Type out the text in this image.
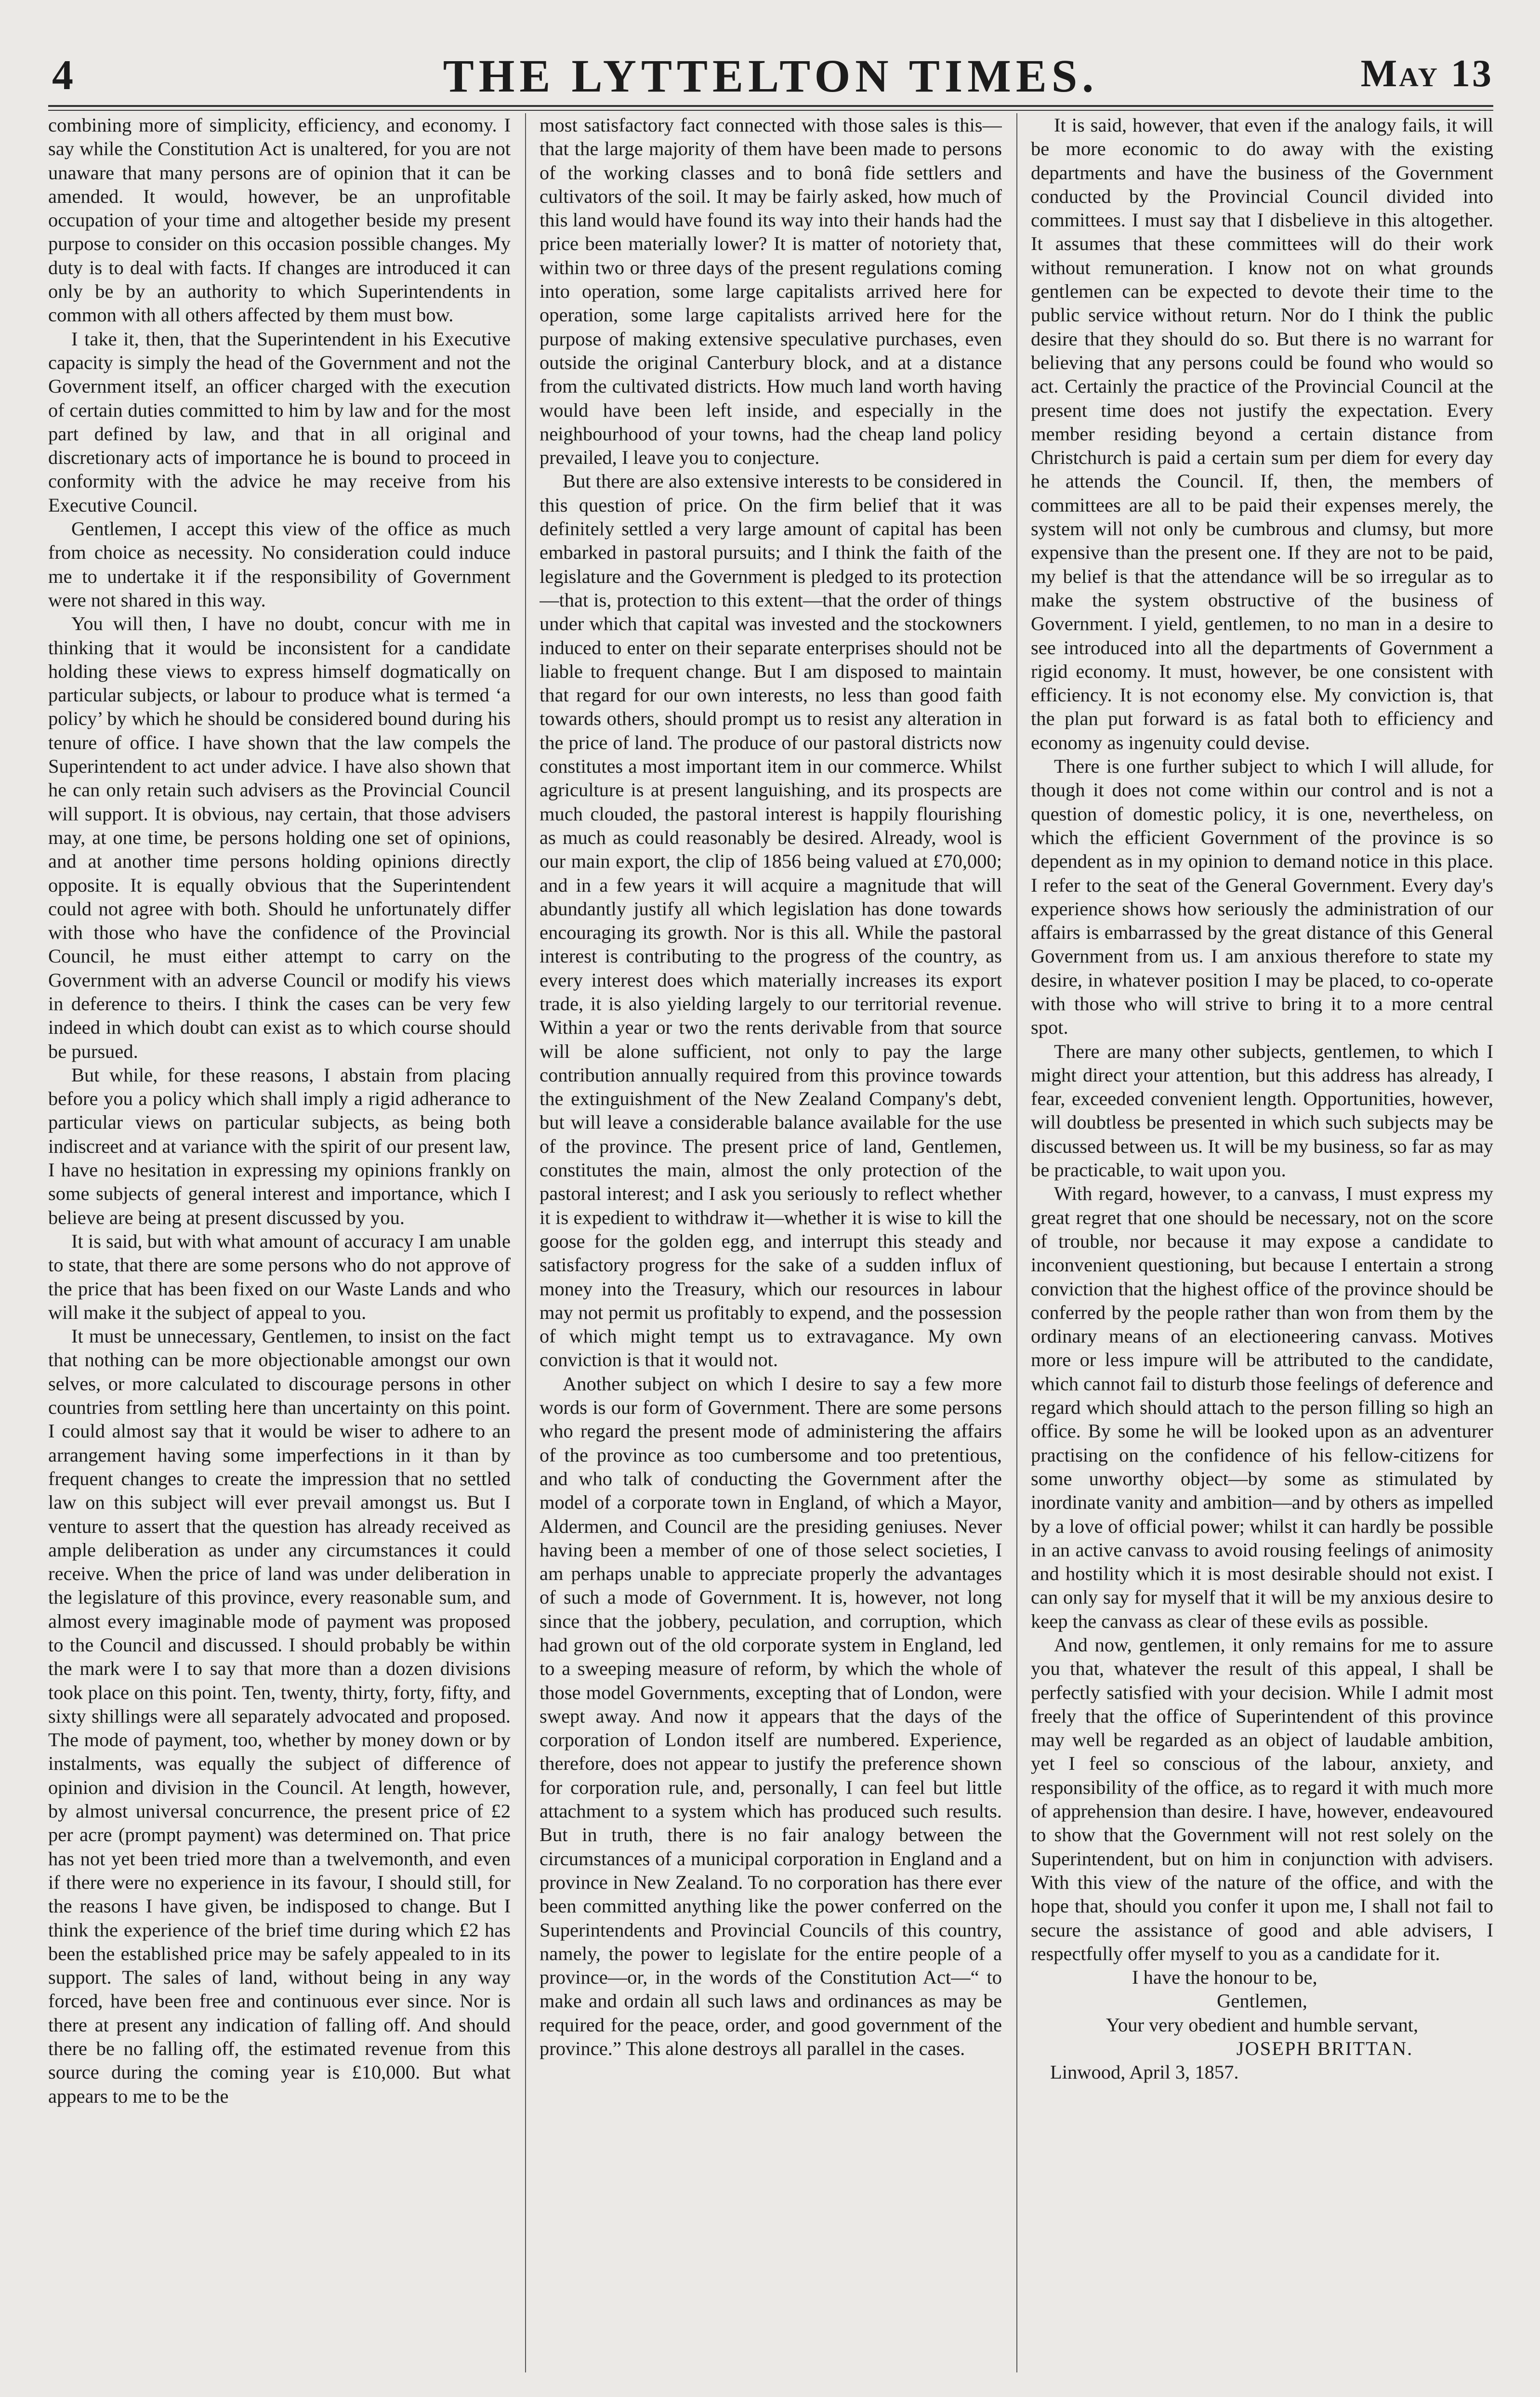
4	THE LYTTELTON TIMES.	May 13

combining more of simplicity, efficiency, and economy. I say while the Constitution Act is unaltered, for you are not unaware that many persons are of opinion that it can be amended. It would, however, be an unprofitable occupation of your time and altogether beside my present purpose to consider on this occasion possible changes. My duty is to deal with facts. If changes are introduced it can only be by an authority to which Superintendents in common with all others affected by them must bow.

I take it, then, that the Superintendent in his Executive capacity is simply the head of the Government and not the Government itself, an officer charged with the execution of certain duties committed to him by law and for the most part defined by law, and that in all original and discretionary acts of importance he is bound to proceed in conformity with the advice he may receive from his Executive Council.

Gentlemen, I accept this view of the office as much from choice as necessity. No consideration could induce me to undertake it if the responsibility of Government were not shared in this way.

You will then, I have no doubt, concur with me in thinking that it would be inconsistent for a candidate holding these views to express himself dogmatically on particular subjects, or labour to produce what is termed ‘a policy’ by which he should be considered bound during his tenure of office. I have shown that the law compels the Superintendent to act under advice. I have also shown that he can only retain such advisers as the Provincial Council will support. It is obvious, nay certain, that those advisers may, at one time, be persons holding one set of opinions, and at another time persons holding opinions directly opposite. It is equally obvious that the Superintendent could not agree with both. Should he unfortunately differ with those who have the confidence of the Provincial Council, he must either attempt to carry on the Government with an adverse Council or modify his views in deference to theirs. I think the cases can be very few indeed in which doubt can exist as to which course should be pursued.

But while, for these reasons, I abstain from placing before you a policy which shall imply a rigid adherance to particular views on particular subjects, as being both indiscreet and at variance with the spirit of our present law, I have no hesitation in expressing my opinions frankly on some subjects of general interest and importance, which I believe are being at present discussed by you.

It is said, but with what amount of accuracy I am unable to state, that there are some persons who do not approve of the price that has been fixed on our Waste Lands and who will make it the subject of appeal to you.

It must be unnecessary, Gentlemen, to insist on the fact that nothing can be more objectionable amongst our own selves, or more calculated to discourage persons in other countries from settling here than uncertainty on this point. I could almost say that it would be wiser to adhere to an arrangement having some imperfections in it than by frequent changes to create the impression that no settled law on this subject will ever prevail amongst us. But I venture to assert that the question has already received as ample deliberation as under any circumstances it could receive. When the price of land was under deliberation in the legislature of this province, every reasonable sum, and almost every imaginable mode of payment was proposed to the Council and discussed. I should probably be within the mark were I to say that more than a dozen divisions took place on this point. Ten, twenty, thirty, forty, fifty, and sixty shillings were all separately advocated and proposed. The mode of payment, too, whether by money down or by instalments, was equally the subject of difference of opinion and division in the Council. At length, however, by almost universal concurrence, the present price of £2 per acre (prompt payment) was determined on. That price has not yet been tried more than a twelvemonth, and even if there were no experience in its favour, I should still, for the reasons I have given, be indisposed to change. But I think the experience of the brief time during which £2 has been the established price may be safely appealed to in its support. The sales of land, without being in any way forced, have been free and continuous ever since. Nor is there at present any indication of falling off. And should there be no falling off, the estimated revenue from this source during the coming year is £10,000. But what appears to me to be the

most satisfactory fact connected with those sales is this—that the large majority of them have been made to persons of the working classes and to bonâ fide settlers and cultivators of the soil. It may be fairly asked, how much of this land would have found its way into their hands had the price been materially lower? It is matter of notoriety that, within two or three days of the present regulations coming into operation, some large capitalists arrived here for operation, some large capitalists arrived here for the purpose of making extensive speculative purchases, even outside the original Canterbury block, and at a distance from the cultivated districts. How much land worth having would have been left inside, and especially in the neighbourhood of your towns, had the cheap land policy prevailed, I leave you to conjecture.

But there are also extensive interests to be considered in this question of price. On the firm belief that it was definitely settled a very large amount of capital has been embarked in pastoral pursuits; and I think the faith of the legislature and the Government is pledged to its protection—that is, protection to this extent—that the order of things under which that capital was invested and the stockowners induced to enter on their separate enterprises should not be liable to frequent change. But I am disposed to maintain that regard for our own interests, no less than good faith towards others, should prompt us to resist any alteration in the price of land. The produce of our pastoral districts now constitutes a most important item in our commerce. Whilst agriculture is at present languishing, and its prospects are much clouded, the pastoral interest is happily flourishing as much as could reasonably be desired. Already, wool is our main export, the clip of 1856 being valued at £70,000; and in a few years it will acquire a magnitude that will abundantly justify all which legislation has done towards encouraging its growth. Nor is this all. While the pastoral interest is contributing to the progress of the country, as every interest does which materially increases its export trade, it is also yielding largely to our territorial revenue. Within a year or two the rents derivable from that source will be alone sufficient, not only to pay the large contribution annually required from this province towards the extinguishment of the New Zealand Company's debt, but will leave a considerable balance available for the use of the province. The present price of land, Gentlemen, constitutes the main, almost the only protection of the pastoral interest; and I ask you seriously to reflect whether it is expedient to withdraw it—whether it is wise to kill the goose for the golden egg, and interrupt this steady and satisfactory progress for the sake of a sudden influx of money into the Treasury, which our resources in labour may not permit us profitably to expend, and the possession of which might tempt us to extravagance. My own conviction is that it would not.

Another subject on which I desire to say a few more words is our form of Government. There are some persons who regard the present mode of administering the affairs of the province as too cumbersome and too pretentious, and who talk of conducting the Government after the model of a corporate town in England, of which a Mayor, Aldermen, and Council are the presiding geniuses. Never having been a member of one of those select societies, I am perhaps unable to appreciate properly the advantages of such a mode of Government. It is, however, not long since that the jobbery, peculation, and corruption, which had grown out of the old corporate system in England, led to a sweeping measure of reform, by which the whole of those model Governments, excepting that of London, were swept away. And now it appears that the days of the corporation of London itself are numbered. Experience, therefore, does not appear to justify the preference shown for corporation rule, and, personally, I can feel but little attachment to a system which has produced such results. But in truth, there is no fair analogy between the circumstances of a municipal corporation in England and a province in New Zealand. To no corporation has there ever been committed anything like the power conferred on the Superintendents and Provincial Councils of this country, namely, the power to legislate for the entire people of a province—or, in the words of the Constitution Act—“ to make and ordain all such laws and ordinances as may be required for the peace, order, and good government of the province.” This alone destroys all parallel in the cases.

It is said, however, that even if the analogy fails, it will be more economic to do away with the existing departments and have the business of the Government conducted by the Provincial Council divided into committees. I must say that I disbelieve in this altogether. It assumes that these committees will do their work without remuneration. I know not on what grounds gentlemen can be expected to devote their time to the public service without return. Nor do I think the public desire that they should do so. But there is no warrant for believing that any persons could be found who would so act. Certainly the practice of the Provincial Council at the present time does not justify the expectation. Every member residing beyond a certain distance from Christchurch is paid a certain sum per diem for every day he attends the Council. If, then, the members of committees are all to be paid their expenses merely, the system will not only be cumbrous and clumsy, but more expensive than the present one. If they are not to be paid, my belief is that the attendance will be so irregular as to make the system obstructive of the business of Government. I yield, gentlemen, to no man in a desire to see introduced into all the departments of Government a rigid economy. It must, however, be one consistent with efficiency. It is not economy else. My conviction is, that the plan put forward is as fatal both to efficiency and economy as ingenuity could devise.

There is one further subject to which I will allude, for though it does not come within our control and is not a question of domestic policy, it is one, nevertheless, on which the efficient Government of the province is so dependent as in my opinion to demand notice in this place. I refer to the seat of the General Government. Every day's experience shows how seriously the administration of our affairs is embarrassed by the great distance of this General Government from us. I am anxious therefore to state my desire, in whatever position I may be placed, to co-operate with those who will strive to bring it to a more central spot.

There are many other subjects, gentlemen, to which I might direct your attention, but this address has already, I fear, exceeded convenient length. Opportunities, however, will doubtless be presented in which such subjects may be discussed between us. It will be my business, so far as may be practicable, to wait upon you.

With regard, however, to a canvass, I must express my great regret that one should be necessary, not on the score of trouble, nor because it may expose a candidate to inconvenient questioning, but because I entertain a strong conviction that the highest office of the province should be conferred by the people rather than won from them by the ordinary means of an electioneering canvass. Motives more or less impure will be attributed to the candidate, which cannot fail to disturb those feelings of deference and regard which should attach to the person filling so high an office. By some he will be looked upon as an adventurer practising on the confidence of his fellow-citizens for some unworthy object—by some as stimulated by inordinate vanity and ambition—and by others as impelled by a love of official power; whilst it can hardly be possible in an active canvass to avoid rousing feelings of animosity and hostility which it is most desirable should not exist. I can only say for myself that it will be my anxious desire to keep the canvass as clear of these evils as possible.

And now, gentlemen, it only remains for me to assure you that, whatever the result of this appeal, I shall be perfectly satisfied with your decision. While I admit most freely that the office of Superintendent of this province may well be regarded as an object of laudable ambition, yet I feel so conscious of the labour, anxiety, and responsibility of the office, as to regard it with much more of apprehension than desire. I have, however, endeavoured to show that the Government will not rest solely on the Superintendent, but on him in conjunction with advisers. With this view of the nature of the office, and with the hope that, should you confer it upon me, I shall not fail to secure the assistance of good and able advisers, I respectfully offer myself to you as a candidate for it.

I have the honour to be,
Gentlemen,
Your very obedient and humble servant,
JOSEPH BRITTAN.
Linwood, April 3, 1857.
